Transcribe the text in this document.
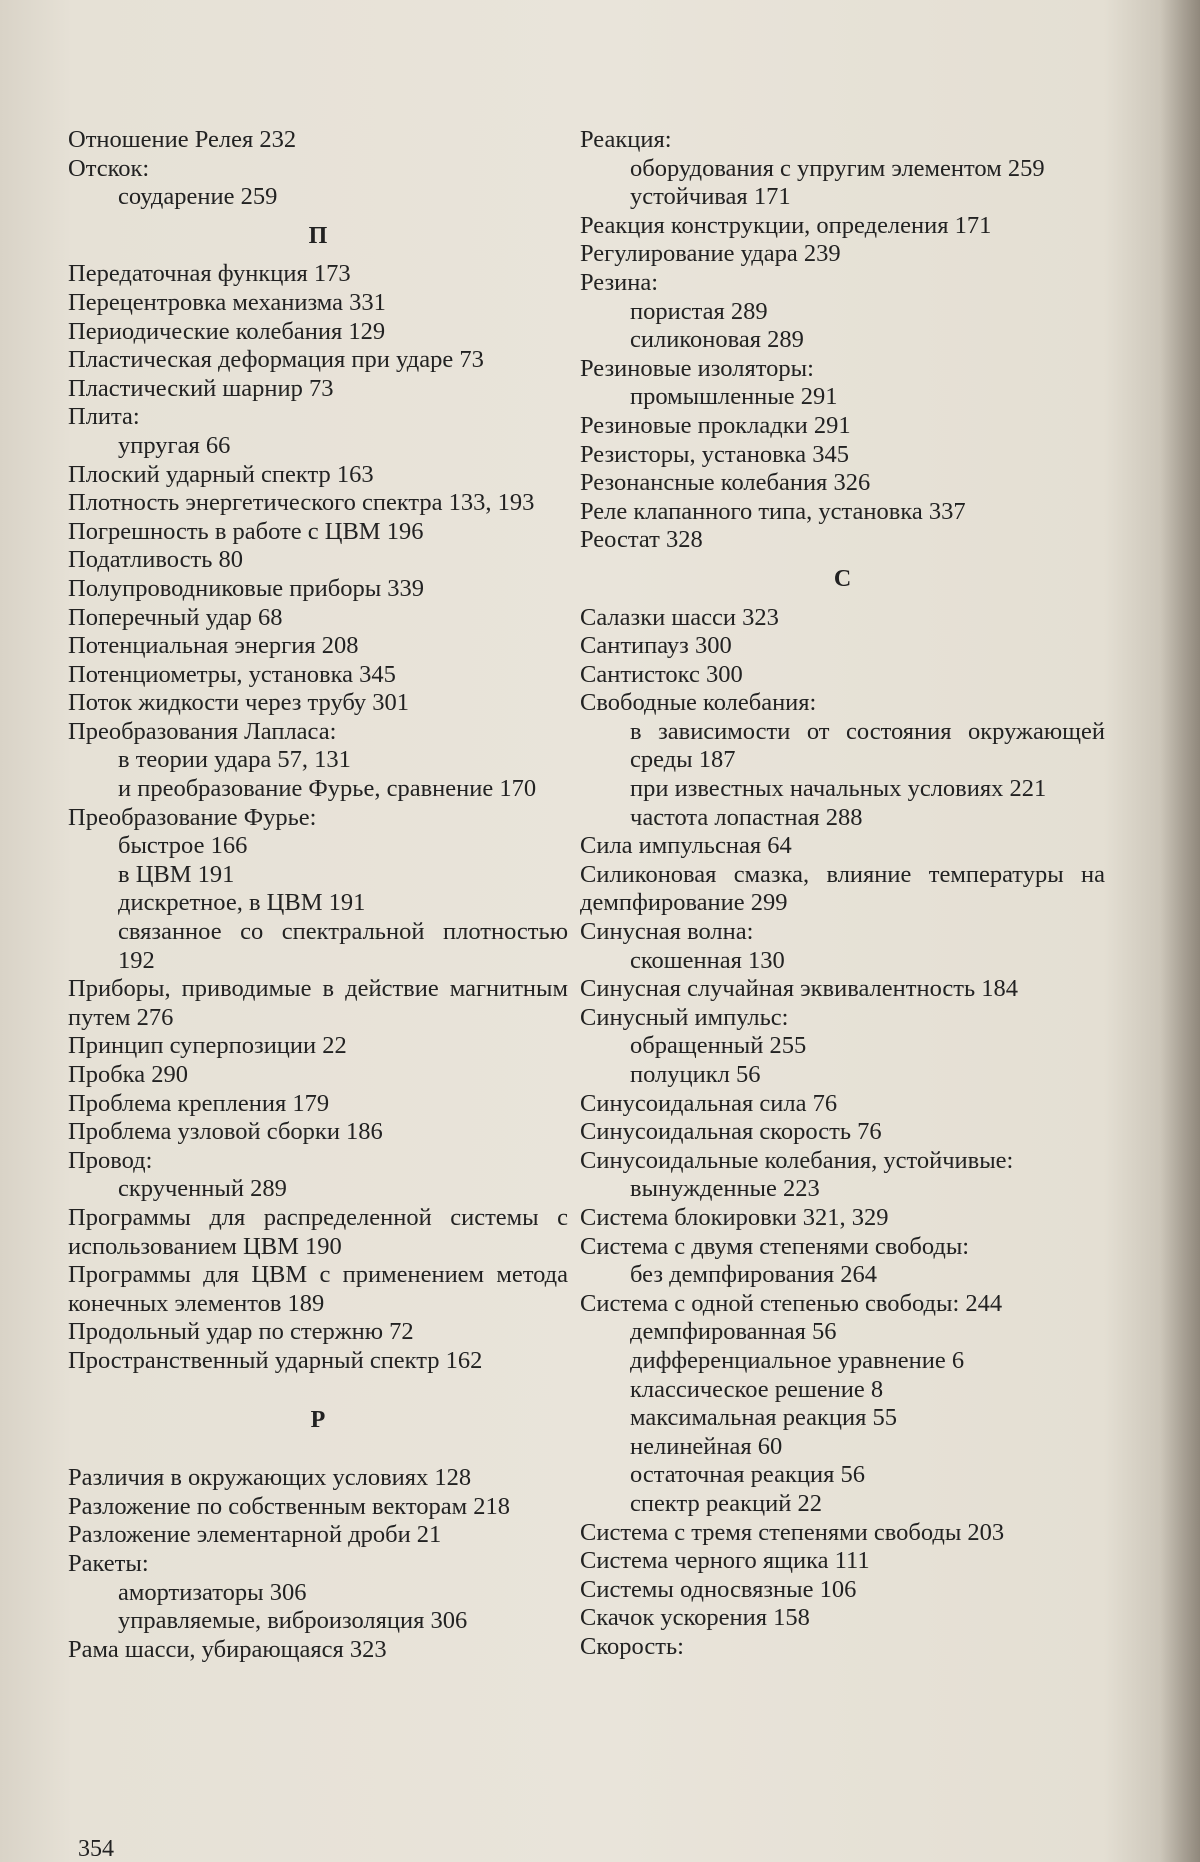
Отношение Релея 232
Отскок:
соударение 259
П
Передаточная функция 173
Перецентровка механизма 331
Периодические колебания 129
Пластическая деформация при ударе 73
Пластический шарнир 73
Плита:
упругая 66
Плоский ударный спектр 163
Плотность энергетического спектра 133, 193
Погрешность в работе с ЦВМ 196
Податливость 80
Полупроводниковые приборы 339
Поперечный удар 68
Потенциальная энергия 208
Потенциометры, установка 345
Поток жидкости через трубу 301
Преобразования Лапласа:
в теории удара 57, 131
и преобразование Фурье, сравнение 170
Преобразование Фурье:
быстрое 166
в ЦВМ 191
дискретное, в ЦВМ 191
связанное со спектральной плотностью 192
Приборы, приводимые в действие магнитным путем 276
Принцип суперпозиции 22
Пробка 290
Проблема крепления 179
Проблема узловой сборки 186
Провод:
скрученный 289
Программы для распределенной системы с использованием ЦВМ 190
Программы для ЦВМ с применением метода конечных элементов 189
Продольный удар по стержню 72
Пространственный ударный спектр 162
Р
Различия в окружающих условиях 128
Разложение по собственным векторам 218
Разложение элементарной дроби 21
Ракеты:
амортизаторы 306
управляемые, виброизоляция 306
Рама шасси, убирающаяся 323
Реакция:
оборудования с упругим элементом 259
устойчивая 171
Реакция конструкции, определения 171
Регулирование удара 239
Резина:
пористая 289
силиконовая 289
Резиновые изоляторы:
промышленные 291
Резиновые прокладки 291
Резисторы, установка 345
Резонансные колебания 326
Реле клапанного типа, установка 337
Реостат 328
С
Салазки шасси 323
Сантипауз 300
Сантистокс 300
Свободные колебания:
в зависимости от состояния окружающей среды 187
при известных начальных условиях 221
частота лопастная 288
Сила импульсная 64
Силиконовая смазка, влияние температуры на демпфирование 299
Синусная волна:
скошенная 130
Синусная случайная эквивалентность 184
Синусный импульс:
обращенный 255
полуцикл 56
Синусоидальная сила 76
Синусоидальная скорость 76
Синусоидальные колебания, устойчивые:
вынужденные 223
Система блокировки 321, 329
Система с двумя степенями свободы:
без демпфирования 264
Система с одной степенью свободы: 244
демпфированная 56
дифференциальное уравнение 6
классическое решение 8
максимальная реакция 55
нелинейная 60
остаточная реакция 56
спектр реакций 22
Система с тремя степенями свободы 203
Система черного ящика 111
Системы односвязные 106
Скачок ускорения 158
Скорость:
354
